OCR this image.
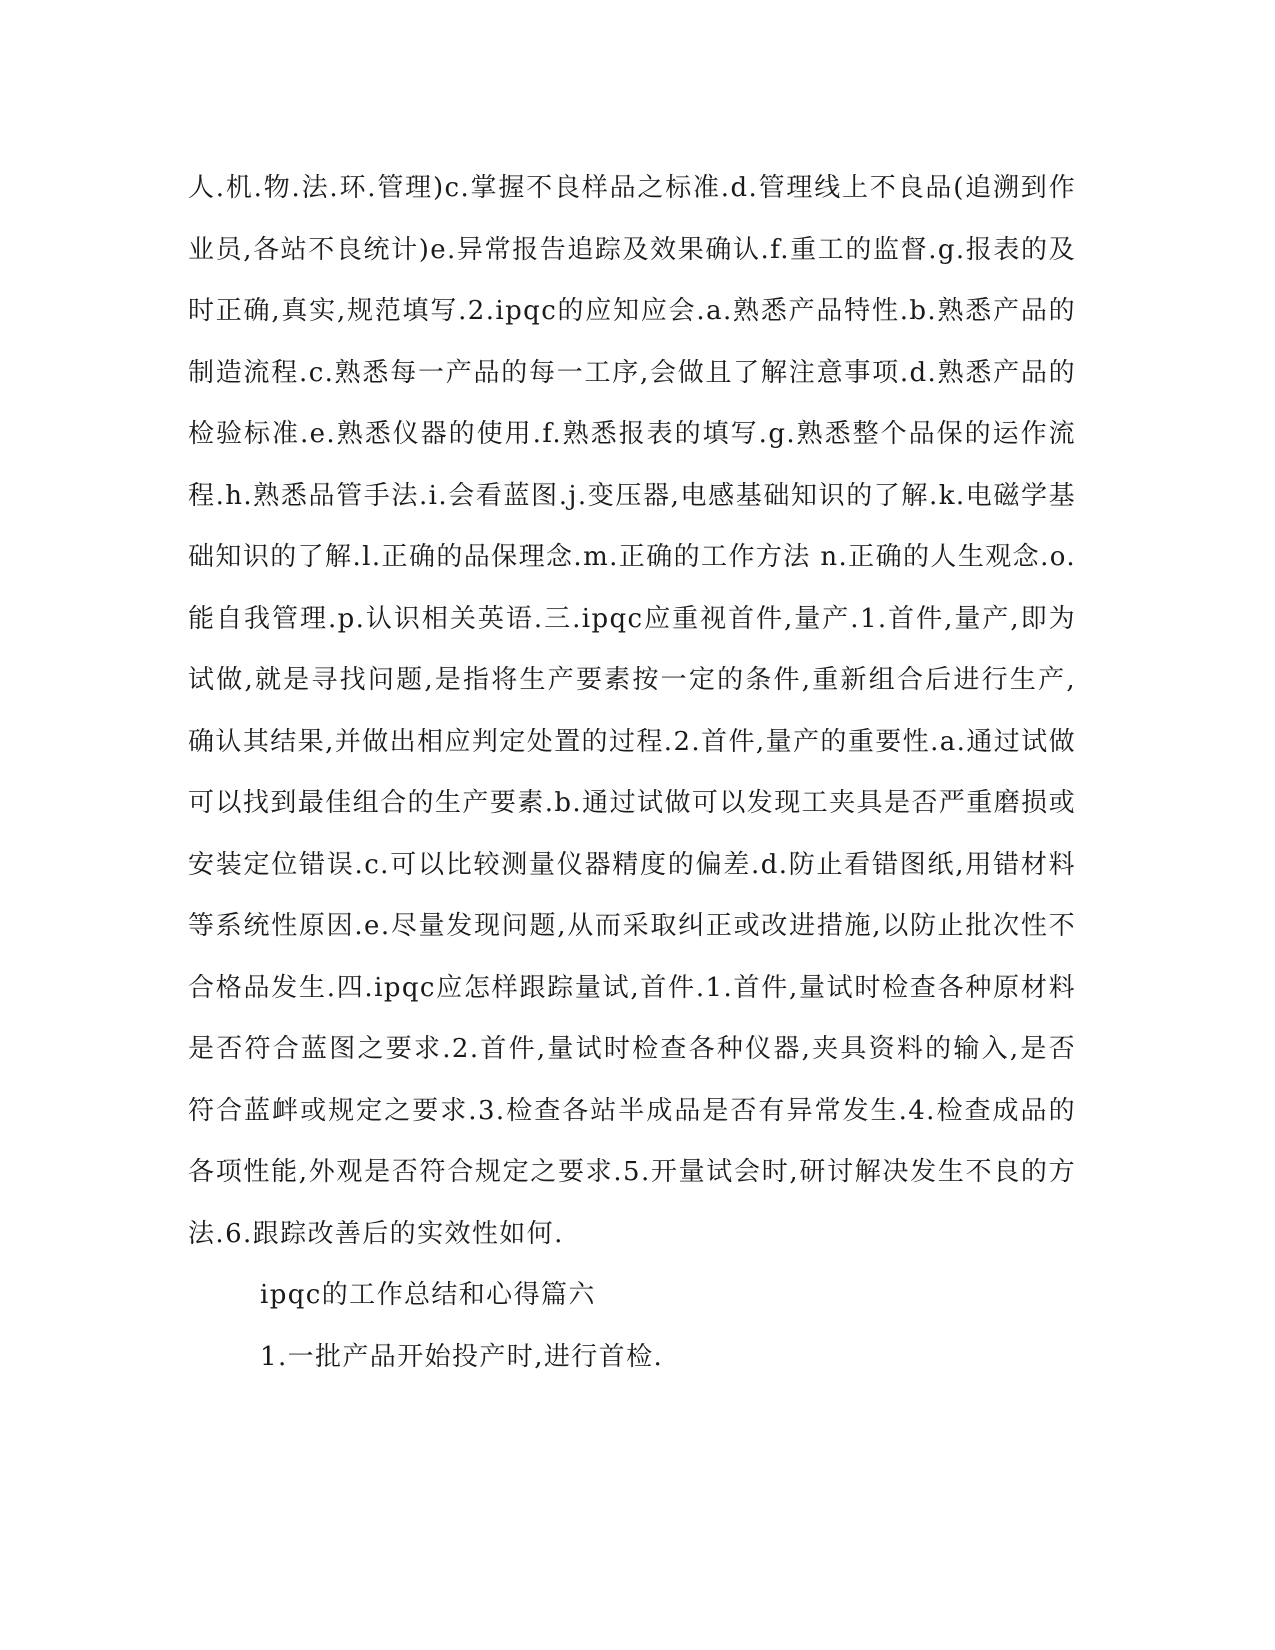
人.机.物.法.环.管理)c.掌握不良样品之标准.d.管理线上不良品(追溯到作业员,各站不良统计)e.异常报告追踪及效果确认.f.重工的监督.g.报表的及时正确,真实,规范填写.2.ipqc的应知应会.a.熟悉产品特性.b.熟悉产品的制造流程.c.熟悉每一产品的每一工序,会做且了解注意事项.d.熟悉产品的检验标准.e.熟悉仪器的使用.f.熟悉报表的填写.g.熟悉整个品保的运作流程.h.熟悉品管手法.i.会看蓝图.j.变压器,电感基础知识的了解.k.电磁学基础知识的了解.l.正确的品保理念.m.正确的工作方法 n.正确的人生观念.o.能自我管理.p.认识相关英语.三.ipqc应重视首件,量产.1.首件,量产,即为试做,就是寻找问题,是指将生产要素按一定的条件,重新组合后进行生产,确认其结果,并做出相应判定处置的过程.2.首件,量产的重要性.a.通过试做可以找到最佳组合的生产要素.b.通过试做可以发现工夹具是否严重磨损或安装定位错误.c.可以比较测量仪器精度的偏差.d.防止看错图纸,用错材料等系统性原因.e.尽量发现问题,从而采取纠正或改进措施,以防止批次性不合格品发生.四.ipqc应怎样跟踪量试,首件.1.首件,量试时检查各种原材料是否符合蓝图之要求.2.首件,量试时检查各种仪器,夹具资料的输入,是否符合蓝衅或规定之要求.3.检查各站半成品是否有异常发生.4.检查成品的各项性能,外观是否符合规定之要求.5.开量试会时,研讨解决发生不良的方法.6.跟踪改善后的实效性如何.

ipqc的工作总结和心得篇六

1.一批产品开始投产时,进行首检.
